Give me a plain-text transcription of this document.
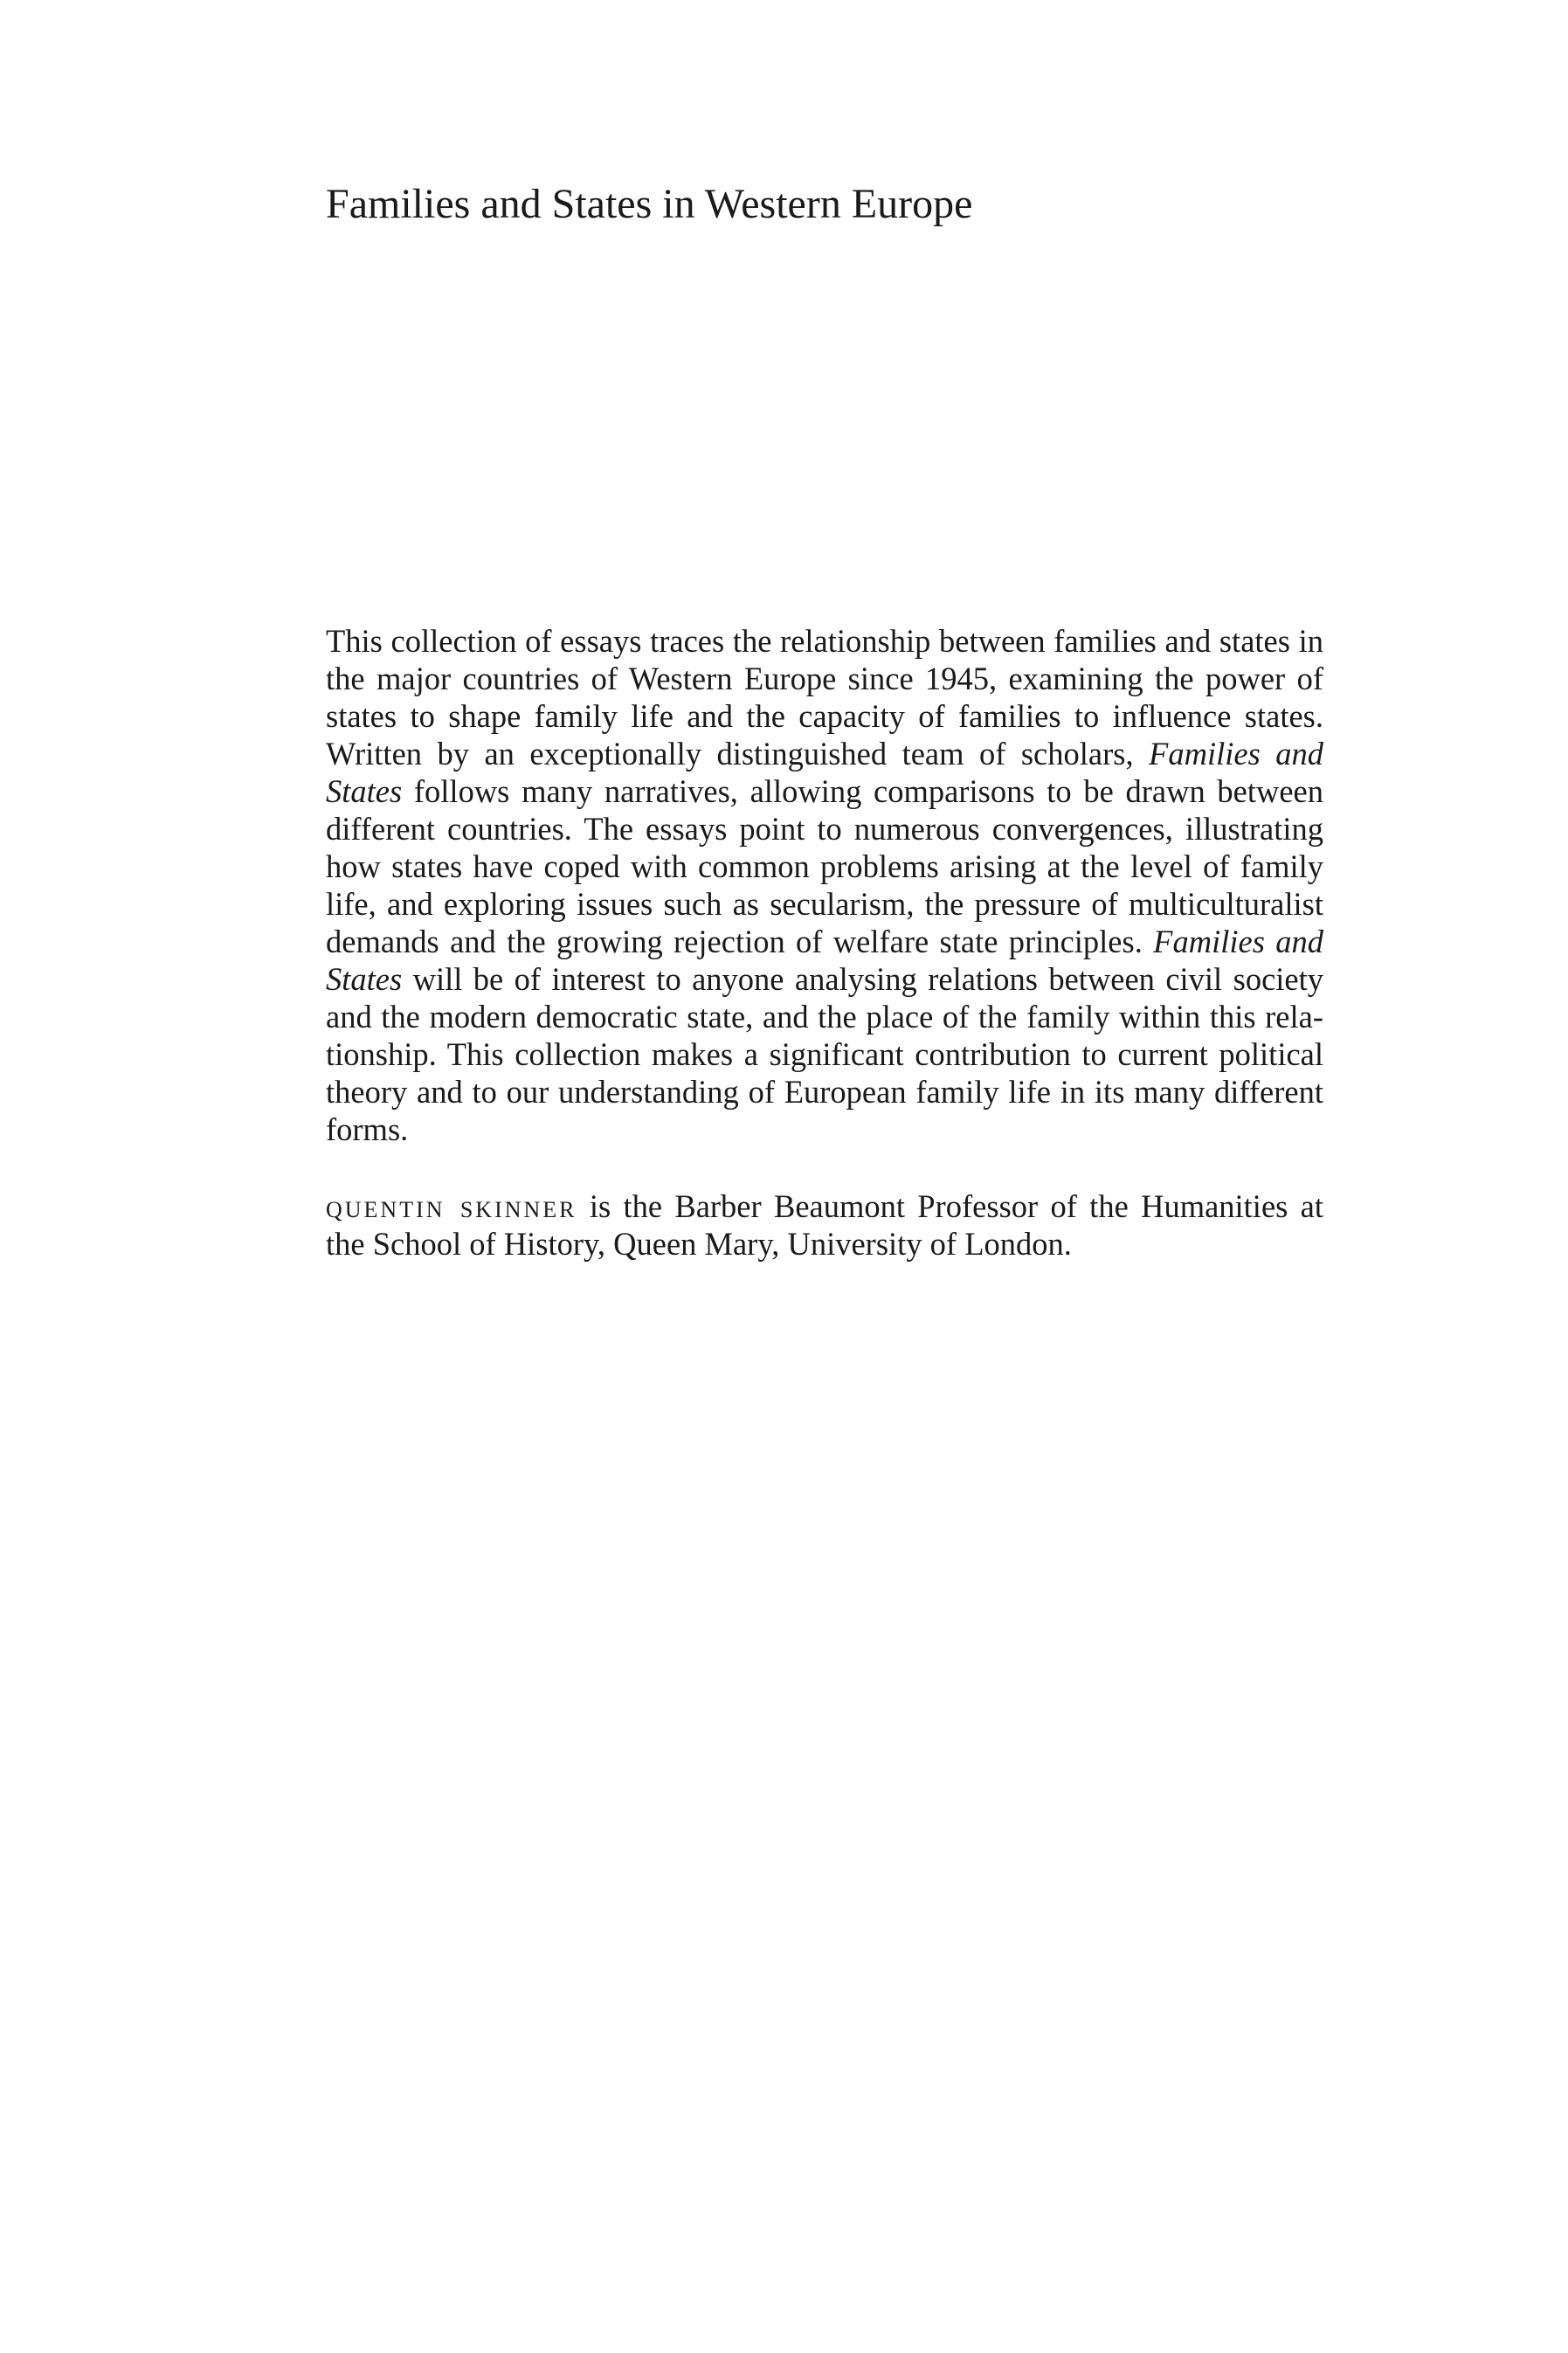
Families and States in Western Europe

This collection of essays traces the relationship between families and states in the major countries of Western Europe since 1945, examining the power of states to shape family life and the capacity of families to influence states. Written by an exceptionally distinguished team of scholars, Families and States follows many narratives, allowing comparisons to be drawn between different countries. The essays point to numerous convergences, illustrating how states have coped with common problems arising at the level of family life, and exploring issues such as secularism, the pressure of multiculturalist demands and the growing rejection of welfare state principles. Families and States will be of interest to anyone analysing relations between civil society and the modern democratic state, and the place of the family within this relationship. This collection makes a significant contribution to current political theory and to our understanding of European family life in its many different forms.

quentin skinner is the Barber Beaumont Professor of the Humanities at the School of History, Queen Mary, University of London.
